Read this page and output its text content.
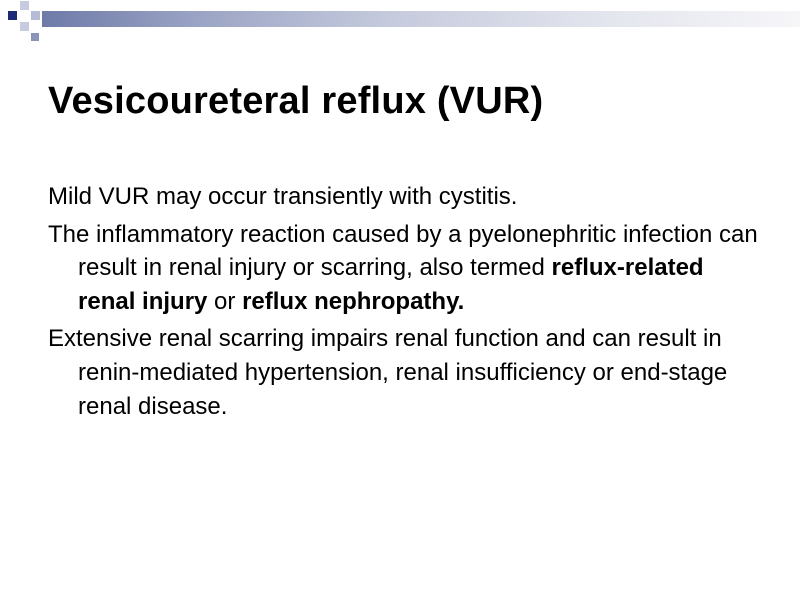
Vesicoureteral reflux (VUR)

Mild VUR may occur transiently with cystitis.

The inflammatory reaction caused by a pyelonephritic infection can result in renal injury or scarring, also termed reflux-related renal injury or reflux nephropathy.

Extensive renal scarring impairs renal function and can result in renin-mediated hypertension, renal insufficiency or end-stage renal disease.
